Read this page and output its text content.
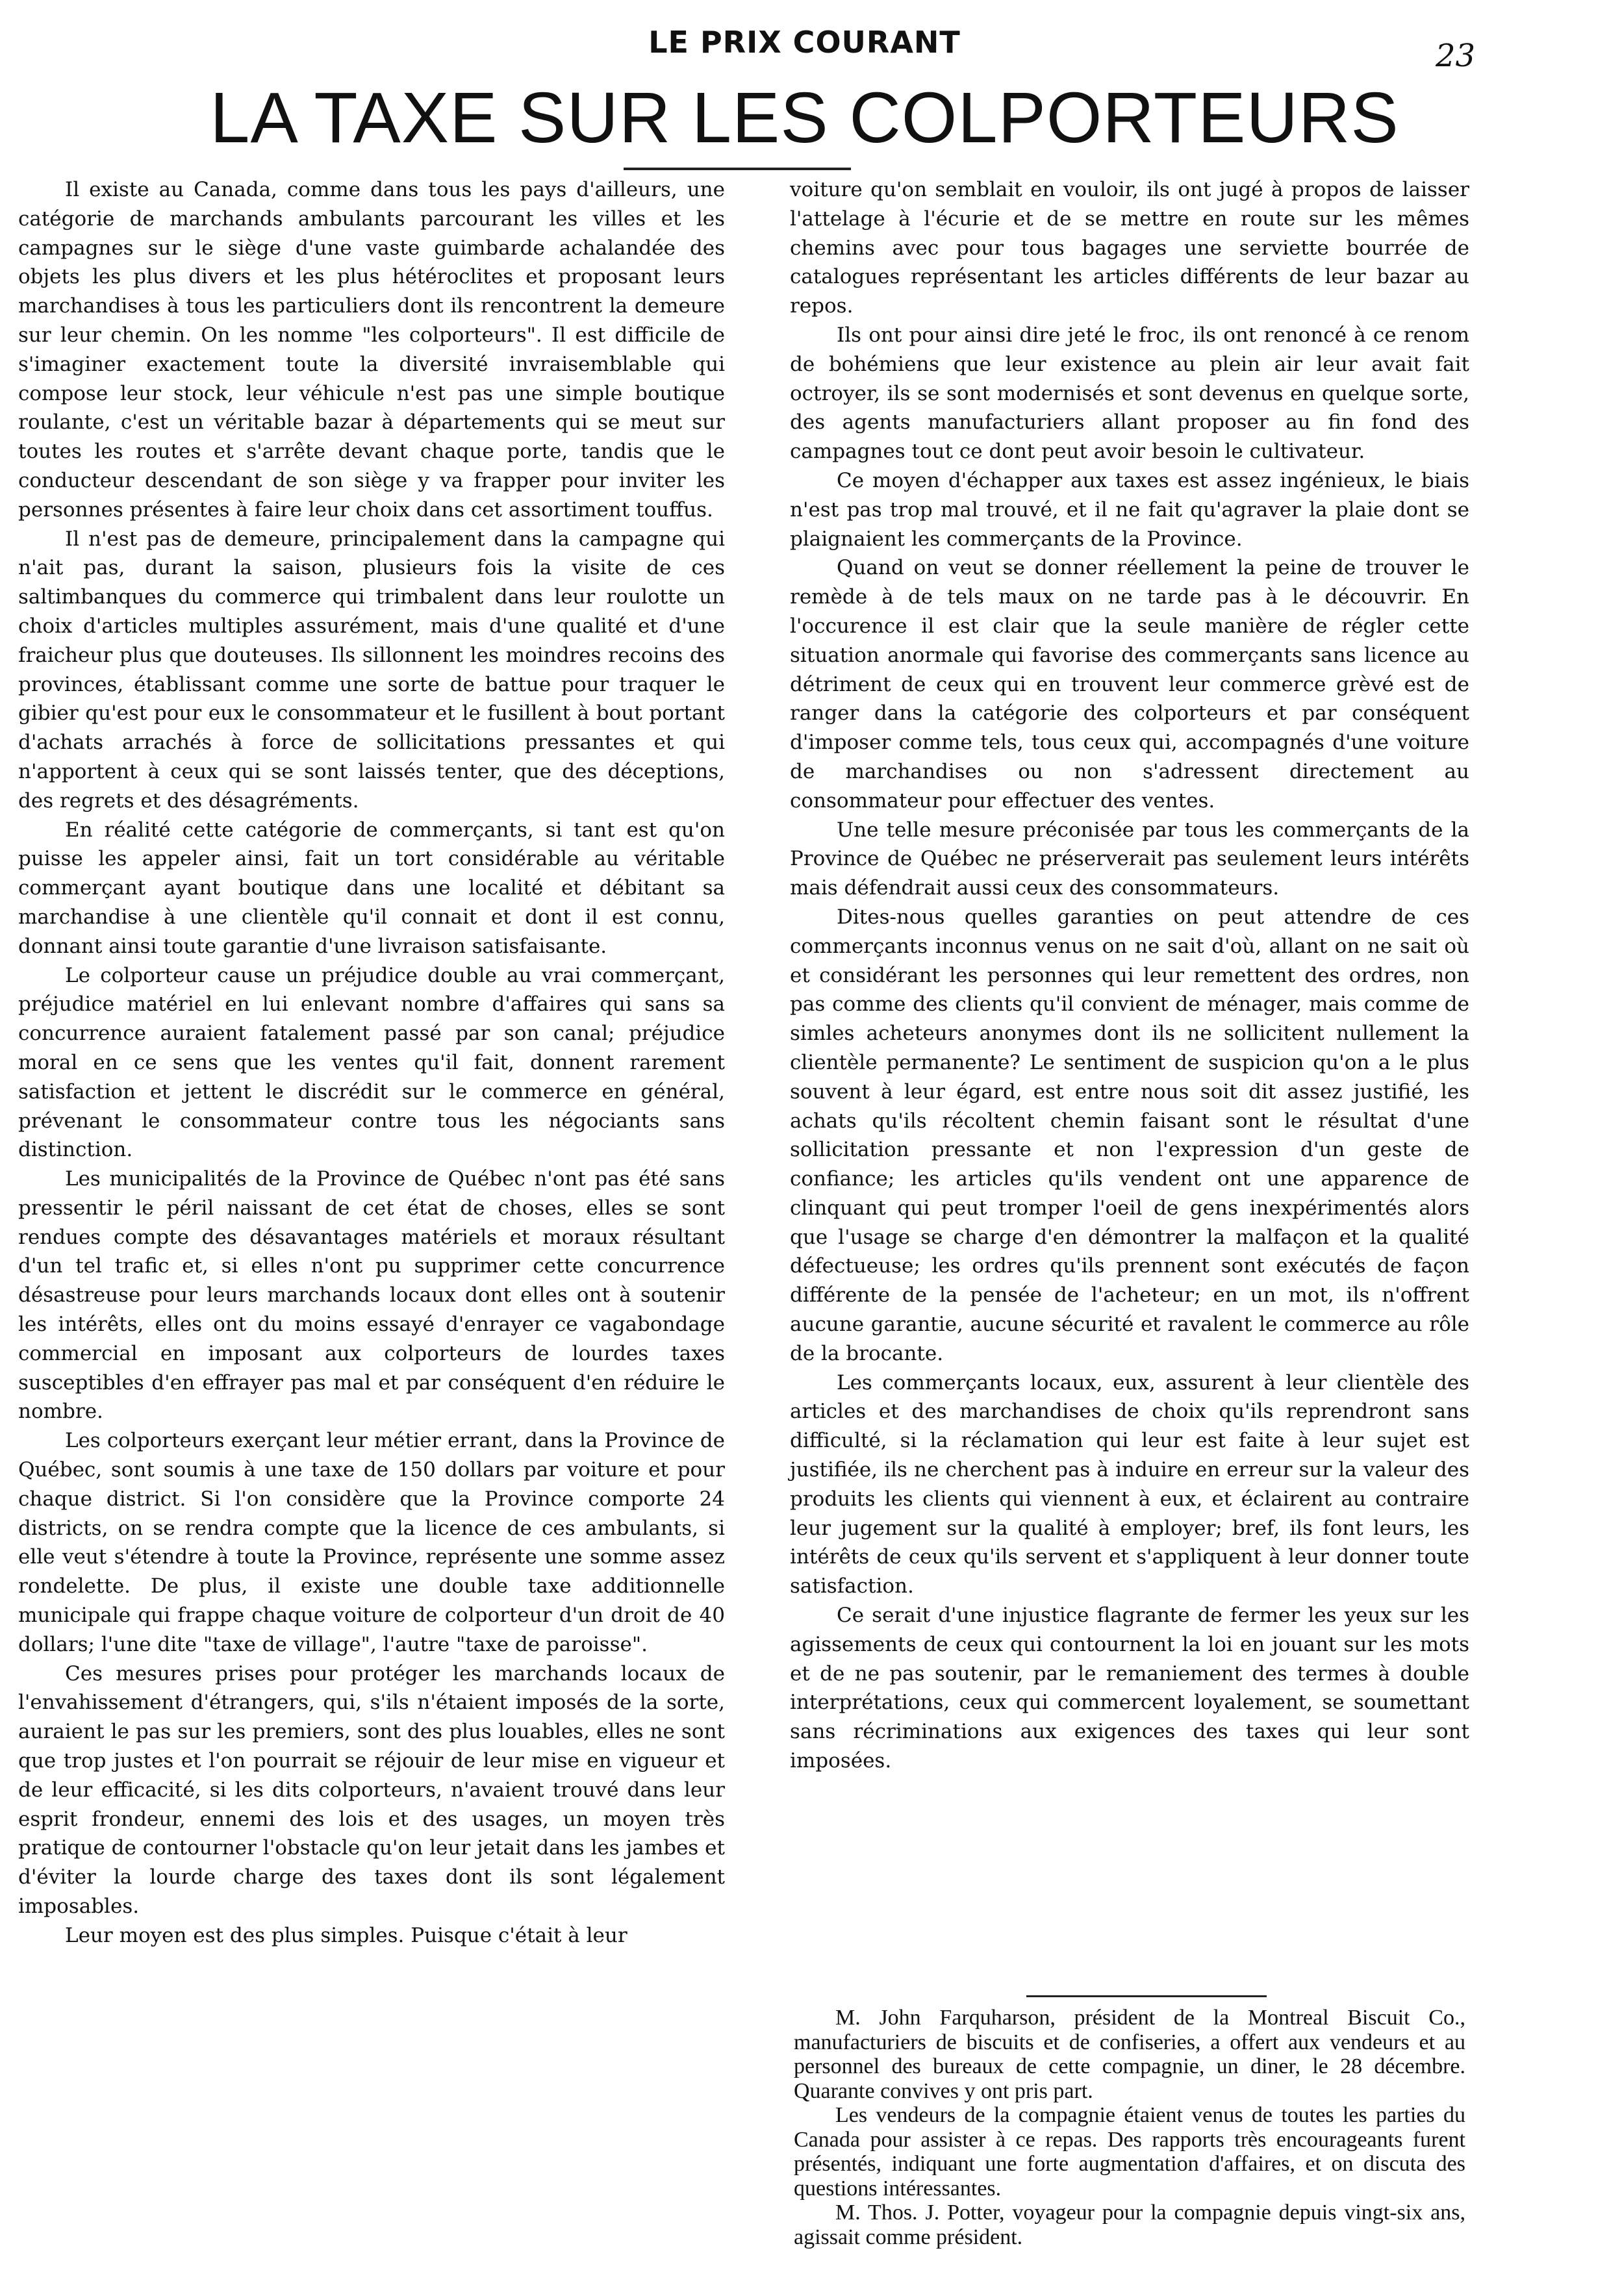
LE PRIX COURANT	23
LA TAXE SUR LES COLPORTEURS

Il existe au Canada, comme dans tous les pays d'ailleurs, une catégorie de marchands ambulants parcourant les villes et les campagnes sur le siège d'une vaste guimbarde achalandée des objets les plus divers et les plus hétéroclites et proposant leurs marchandises à tous les particuliers dont ils rencontrent la demeure sur leur chemin. On les nomme "les colporteurs". Il est difficile de s'imaginer exactement toute la diversité invraisemblable qui compose leur stock, leur véhicule n'est pas une simple boutique roulante, c'est un véritable bazar à départements qui se meut sur toutes les routes et s'arrête devant chaque porte, tandis que le conducteur descendant de son siège y va frapper pour inviter les personnes présentes à faire leur choix dans cet assortiment touffus.

Il n'est pas de demeure, principalement dans la campagne qui n'ait pas, durant la saison, plusieurs fois la visite de ces saltimbanques du commerce qui trimbalent dans leur roulotte un choix d'articles multiples assurément, mais d'une qualité et d'une fraicheur plus que douteuses. Ils sillonnent les moindres recoins des provinces, établissant comme une sorte de battue pour traquer le gibier qu'est pour eux le consommateur et le fusillent à bout portant d'achats arrachés à force de sollicitations pressantes et qui n'apportent à ceux qui se sont laissés tenter, que des déceptions, des regrets et des désagréments.

En réalité cette catégorie de commerçants, si tant est qu'on puisse les appeler ainsi, fait un tort considérable au véritable commerçant ayant boutique dans une localité et débitant sa marchandise à une clientèle qu'il connait et dont il est connu, donnant ainsi toute garantie d'une livraison satisfaisante.

Le colporteur cause un préjudice double au vrai commerçant, préjudice matériel en lui enlevant nombre d'affaires qui sans sa concurrence auraient fatalement passé par son canal; préjudice moral en ce sens que les ventes qu'il fait, donnent rarement satisfaction et jettent le discrédit sur le commerce en général, prévenant le consommateur contre tous les négociants sans distinction.

Les municipalités de la Province de Québec n'ont pas été sans pressentir le péril naissant de cet état de choses, elles se sont rendues compte des désavantages matériels et moraux résultant d'un tel trafic et, si elles n'ont pu supprimer cette concurrence désastreuse pour leurs marchands locaux dont elles ont à soutenir les intérêts, elles ont du moins essayé d'enrayer ce vagabondage commercial en imposant aux colporteurs de lourdes taxes susceptibles d'en effrayer pas mal et par conséquent d'en réduire le nombre.

Les colporteurs exerçant leur métier errant, dans la Province de Québec, sont soumis à une taxe de 150 dollars par voiture et pour chaque district. Si l'on considère que la Province comporte 24 districts, on se rendra compte que la licence de ces ambulants, si elle veut s'étendre à toute la Province, représente une somme assez rondelette. De plus, il existe une double taxe additionnelle municipale qui frappe chaque voiture de colporteur d'un droit de 40 dollars; l'une dite "taxe de village", l'autre "taxe de paroisse".

Ces mesures prises pour protéger les marchands locaux de l'envahissement d'étrangers, qui, s'ils n'étaient imposés de la sorte, auraient le pas sur les premiers, sont des plus louables, elles ne sont que trop justes et l'on pourrait se réjouir de leur mise en vigueur et de leur efficacité, si les dits colporteurs, n'avaient trouvé dans leur esprit frondeur, ennemi des lois et des usages, un moyen très pratique de contourner l'obstacle qu'on leur jetait dans les jambes et d'éviter la lourde charge des taxes dont ils sont légalement imposables.

Leur moyen est des plus simples. Puisque c'était à leur

voiture qu'on semblait en vouloir, ils ont jugé à propos de laisser l'attelage à l'écurie et de se mettre en route sur les mêmes chemins avec pour tous bagages une serviette bourrée de catalogues représentant les articles différents de leur bazar au repos.

Ils ont pour ainsi dire jeté le froc, ils ont renoncé à ce renom de bohémiens que leur existence au plein air leur avait fait octroyer, ils se sont modernisés et sont devenus en quelque sorte, des agents manufacturiers allant proposer au fin fond des campagnes tout ce dont peut avoir besoin le cultivateur.

Ce moyen d'échapper aux taxes est assez ingénieux, le biais n'est pas trop mal trouvé, et il ne fait qu'agraver la plaie dont se plaignaient les commerçants de la Province.

Quand on veut se donner réellement la peine de trouver le remède à de tels maux on ne tarde pas à le découvrir. En l'occurence il est clair que la seule manière de régler cette situation anormale qui favorise des commerçants sans licence au détriment de ceux qui en trouvent leur commerce grèvé est de ranger dans la catégorie des colporteurs et par conséquent d'imposer comme tels, tous ceux qui, accompagnés d'une voiture de marchandises ou non s'adressent directement au consommateur pour effectuer des ventes.

Une telle mesure préconisée par tous les commerçants de la Province de Québec ne préserverait pas seulement leurs intérêts mais défendrait aussi ceux des consommateurs.

Dites-nous quelles garanties on peut attendre de ces commerçants inconnus venus on ne sait d'où, allant on ne sait où et considérant les personnes qui leur remettent des ordres, non pas comme des clients qu'il convient de ménager, mais comme de simles acheteurs anonymes dont ils ne sollicitent nullement la clientèle permanente? Le sentiment de suspicion qu'on a le plus souvent à leur égard, est entre nous soit dit assez justifié, les achats qu'ils récoltent chemin faisant sont le résultat d'une sollicitation pressante et non l'expression d'un geste de confiance; les articles qu'ils vendent ont une apparence de clinquant qui peut tromper l'oeil de gens inexpérimentés alors que l'usage se charge d'en démontrer la malfaçon et la qualité défectueuse; les ordres qu'ils prennent sont exécutés de façon différente de la pensée de l'acheteur; en un mot, ils n'offrent aucune garantie, aucune sécurité et ravalent le commerce au rôle de la brocante.

Les commerçants locaux, eux, assurent à leur clientèle des articles et des marchandises de choix qu'ils reprendront sans difficulté, si la réclamation qui leur est faite à leur sujet est justifiée, ils ne cherchent pas à induire en erreur sur la valeur des produits les clients qui viennent à eux, et éclairent au contraire leur jugement sur la qualité à employer; bref, ils font leurs, les intérêts de ceux qu'ils servent et s'appliquent à leur donner toute satisfaction.

Ce serait d'une injustice flagrante de fermer les yeux sur les agissements de ceux qui contournent la loi en jouant sur les mots et de ne pas soutenir, par le remaniement des termes à double interprétations, ceux qui commercent loyalement, se soumettant sans récriminations aux exigences des taxes qui leur sont imposées.

M. John Farquharson, président de la Montreal Biscuit Co., manufacturiers de biscuits et de confiseries, a offert aux vendeurs et au personnel des bureaux de cette compagnie, un diner, le 28 décembre. Quarante convives y ont pris part.

Les vendeurs de la compagnie étaient venus de toutes les parties du Canada pour assister à ce repas. Des rapports très encourageants furent présentés, indiquant une forte augmentation d'affaires, et on discuta des questions intéressantes.

M. Thos. J. Potter, voyageur pour la compagnie depuis vingt-six ans, agissait comme président.
